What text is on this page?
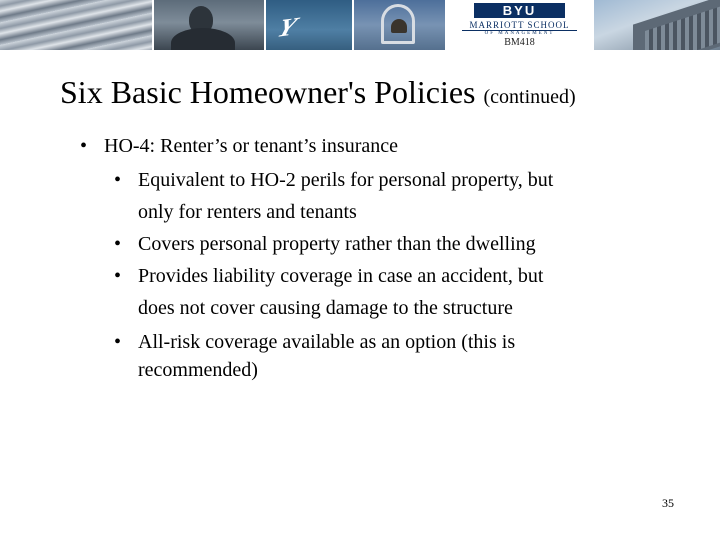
Y
BYU
MARRIOTT SCHOOL
OF MANAGEMENT
BM418
Six Basic Homeowner's Policies (continued)
• HO-4: Renter’s or tenant’s insurance
• Equivalent to HO-2 perils for personal property, but
only for renters and tenants
• Covers personal property rather than the dwelling
• Provides liability coverage in case an accident, but
does not cover causing damage to the structure
• All-risk coverage available as an option (this is
recommended)
35
